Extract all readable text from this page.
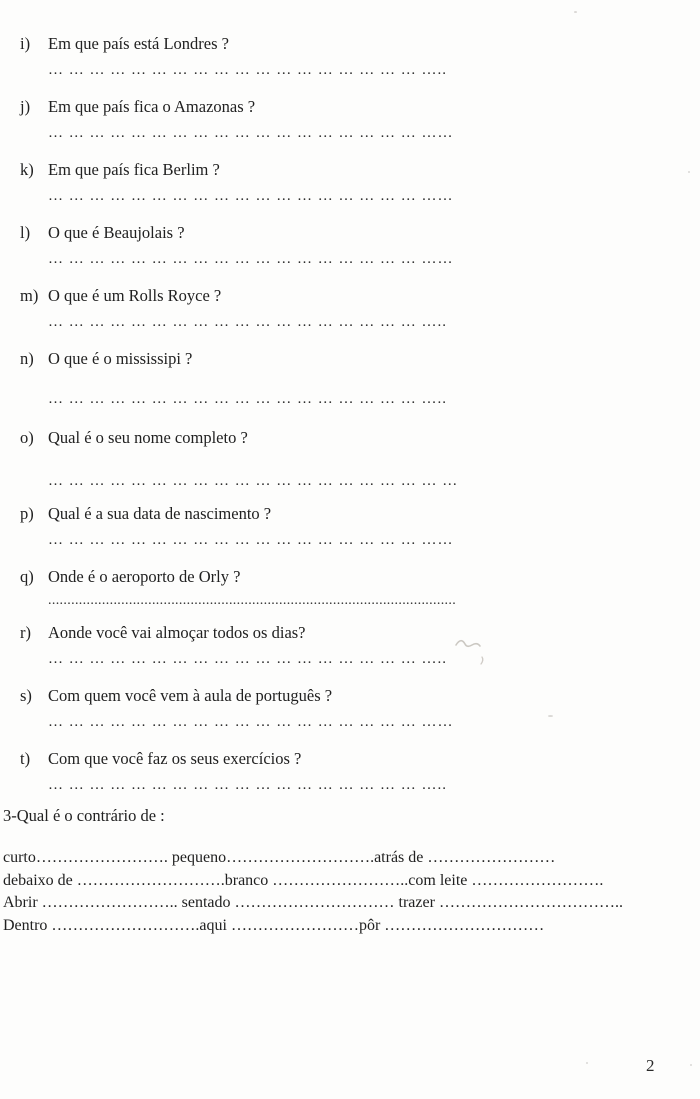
i)	Em que país está Londres ?
… … … … … … … … … … … … … … … … … … …..
j)	Em que país fica o Amazonas ?
… … … … … … … … … … … … … … … … … … ……
k) Em que país fica Berlim ?
… … … … … … … … … … … … … … … … … … ……
l)	O que é Beaujolais ?
… … … … … … … … … … … … … … … … … … ……
m) O que é um Rolls Royce ?
… … … … … … … … … … … … … … … … … … …..
n) O que é o mississipi ?
… … … … … … … … … … … … … … … … … … …..
o) Qual é o seu nome completo ?
… … … … … … … … … … … … … … … … … … … …
p) Qual é a sua data de nascimento ?
… … … … … … … … … … … … … … … … … … ……
q) Onde é o aeroporto de Orly ?
..........................................................................................................
r)	Aonde você vai almoçar todos os dias?
… … … … … … … … … … … … … … … … … … …..
s) Com quem você vem à aula de português ?
… … … … … … … … … … … … … … … … … … ……
t)	Com que você faz os seus exercícios ?
… … … … … … … … … … … … … … … … … … …..
3-Qual é o contrário de :
curto……………………. pequeno……………………….atrás de ……………………
debaixo de ……………………….branco ……………………..com leite …………………….
Abrir …………………….. sentado ………………………… trazer ……………………………..
Dentro ……………………….aqui ……………………pôr …………………………
2
